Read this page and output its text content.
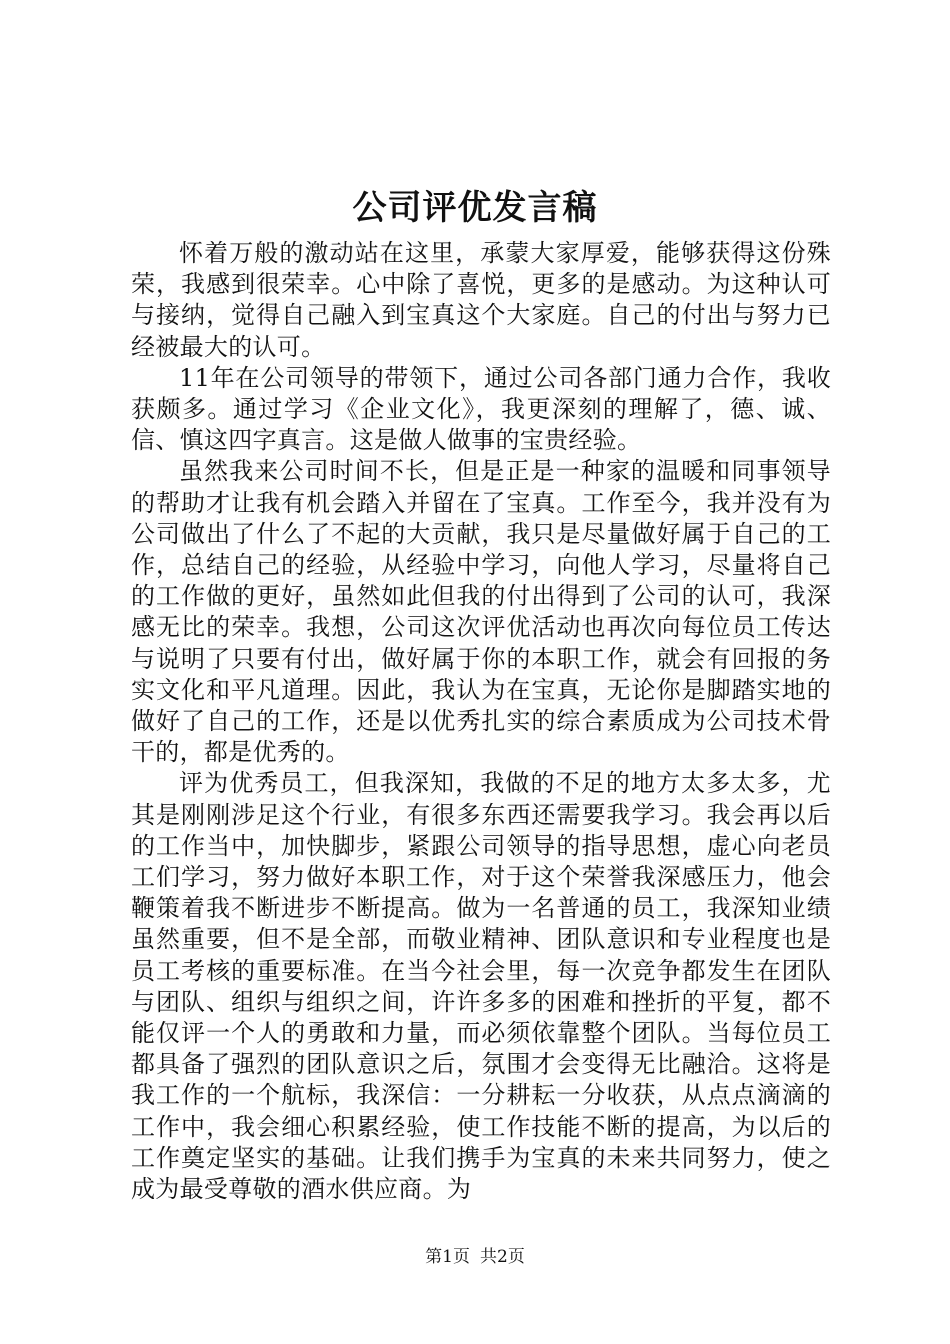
公司评优发言稿

怀着万般的激动站在这里，承蒙大家厚爱，能够获得这份殊荣，我感到很荣幸。心中除了喜悦，更多的是感动。为这种认可与接纳，觉得自己融入到宝真这个大家庭。自己的付出与努力已经被最大的认可。

11年在公司领导的带领下，通过公司各部门通力合作，我收获颇多。通过学习《企业文化》，我更深刻的理解了，德、诚、信、慎这四字真言。这是做人做事的宝贵经验。

虽然我来公司时间不长，但是正是一种家的温暖和同事领导的帮助才让我有机会踏入并留在了宝真。工作至今，我并没有为公司做出了什么了不起的大贡献，我只是尽量做好属于自己的工作，总结自己的经验，从经验中学习，向他人学习，尽量将自己的工作做的更好，虽然如此但我的付出得到了公司的认可，我深感无比的荣幸。我想，公司这次评优活动也再次向每位员工传达与说明了只要有付出，做好属于你的本职工作，就会有回报的务实文化和平凡道理。因此，我认为在宝真，无论你是脚踏实地的做好了自己的工作，还是以优秀扎实的综合素质成为公司技术骨干的，都是优秀的。

评为优秀员工，但我深知，我做的不足的地方太多太多，尤其是刚刚涉足这个行业，有很多东西还需要我学习。我会再以后的工作当中，加快脚步，紧跟公司领导的指导思想，虚心向老员工们学习，努力做好本职工作，对于这个荣誉我深感压力，他会鞭策着我不断进步不断提高。做为一名普通的员工，我深知业绩虽然重要，但不是全部，而敬业精神、团队意识和专业程度也是员工考核的重要标准。在当今社会里，每一次竞争都发生在团队与团队、组织与组织之间，许许多多的困难和挫折的平复，都不能仅评一个人的勇敢和力量，而必须依靠整个团队。当每位员工都具备了强烈的团队意识之后，氛围才会变得无比融洽。这将是我工作的一个航标，我深信：一分耕耘一分收获，从点点滴滴的工作中，我会细心积累经验，使工作技能不断的提高，为以后的工作奠定坚实的基础。让我们携手为宝真的未来共同努力，使之成为最受尊敬的酒水供应商。为

第1页 共2页
